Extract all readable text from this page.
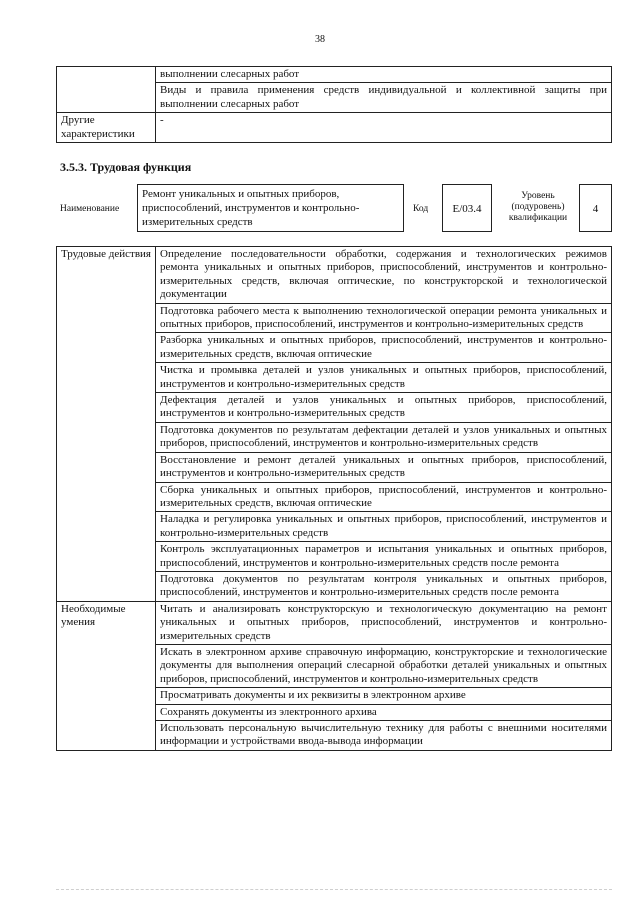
38
	выполнении слесарных работ
	Виды и правила применения средств индивидуальной и коллективной защиты при выполнении слесарных работ
Другие характеристики	-
3.5.3. Трудовая функция
Наименование
Ремонт уникальных и опытных приборов, приспособлений, инструментов и контрольно-измерительных средств
Код	E/03.4
Уровень (подуровень) квалификации
4
Трудовые действия	Определение последовательности обработки, содержания и технологических режимов ремонта уникальных и опытных приборов, приспособлений, инструментов и контрольно-измерительных средств, включая оптические, по конструкторской и технологической документации
	Подготовка рабочего места к выполнению технологической операции ремонта уникальных и опытных приборов, приспособлений, инструментов и контрольно-измерительных средств
	Разборка уникальных и опытных приборов, приспособлений, инструментов и контрольно-измерительных средств, включая оптические
	Чистка и промывка деталей и узлов уникальных и опытных приборов, приспособлений, инструментов и контрольно-измерительных средств
	Дефектация деталей и узлов уникальных и опытных приборов, приспособлений, инструментов и контрольно-измерительных средств
	Подготовка документов по результатам дефектации деталей и узлов уникальных и опытных приборов, приспособлений, инструментов и контрольно-измерительных средств
	Восстановление и ремонт деталей уникальных и опытных приборов, приспособлений, инструментов и контрольно-измерительных средств
	Сборка уникальных и опытных приборов, приспособлений, инструментов и контрольно-измерительных средств, включая оптические
	Наладка и регулировка уникальных и опытных приборов, приспособлений, инструментов и контрольно-измерительных средств
	Контроль эксплуатационных параметров и испытания уникальных и опытных приборов, приспособлений, инструментов и контрольно-измерительных средств после ремонта
	Подготовка документов по результатам контроля уникальных и опытных приборов, приспособлений, инструментов и контрольно-измерительных средств после ремонта
Необходимые умения	Читать и анализировать конструкторскую и технологическую документацию на ремонт уникальных и опытных приборов, приспособлений, инструментов и контрольно-измерительных средств
	Искать в электронном архиве справочную информацию, конструкторские и технологические документы для выполнения операций слесарной обработки деталей уникальных и опытных приборов, приспособлений, инструментов и контрольно-измерительных средств
	Просматривать документы и их реквизиты в электронном архиве
	Сохранять документы из электронного архива
	Использовать персональную вычислительную технику для работы с внешними носителями информации и устройствами ввода-вывода информации
